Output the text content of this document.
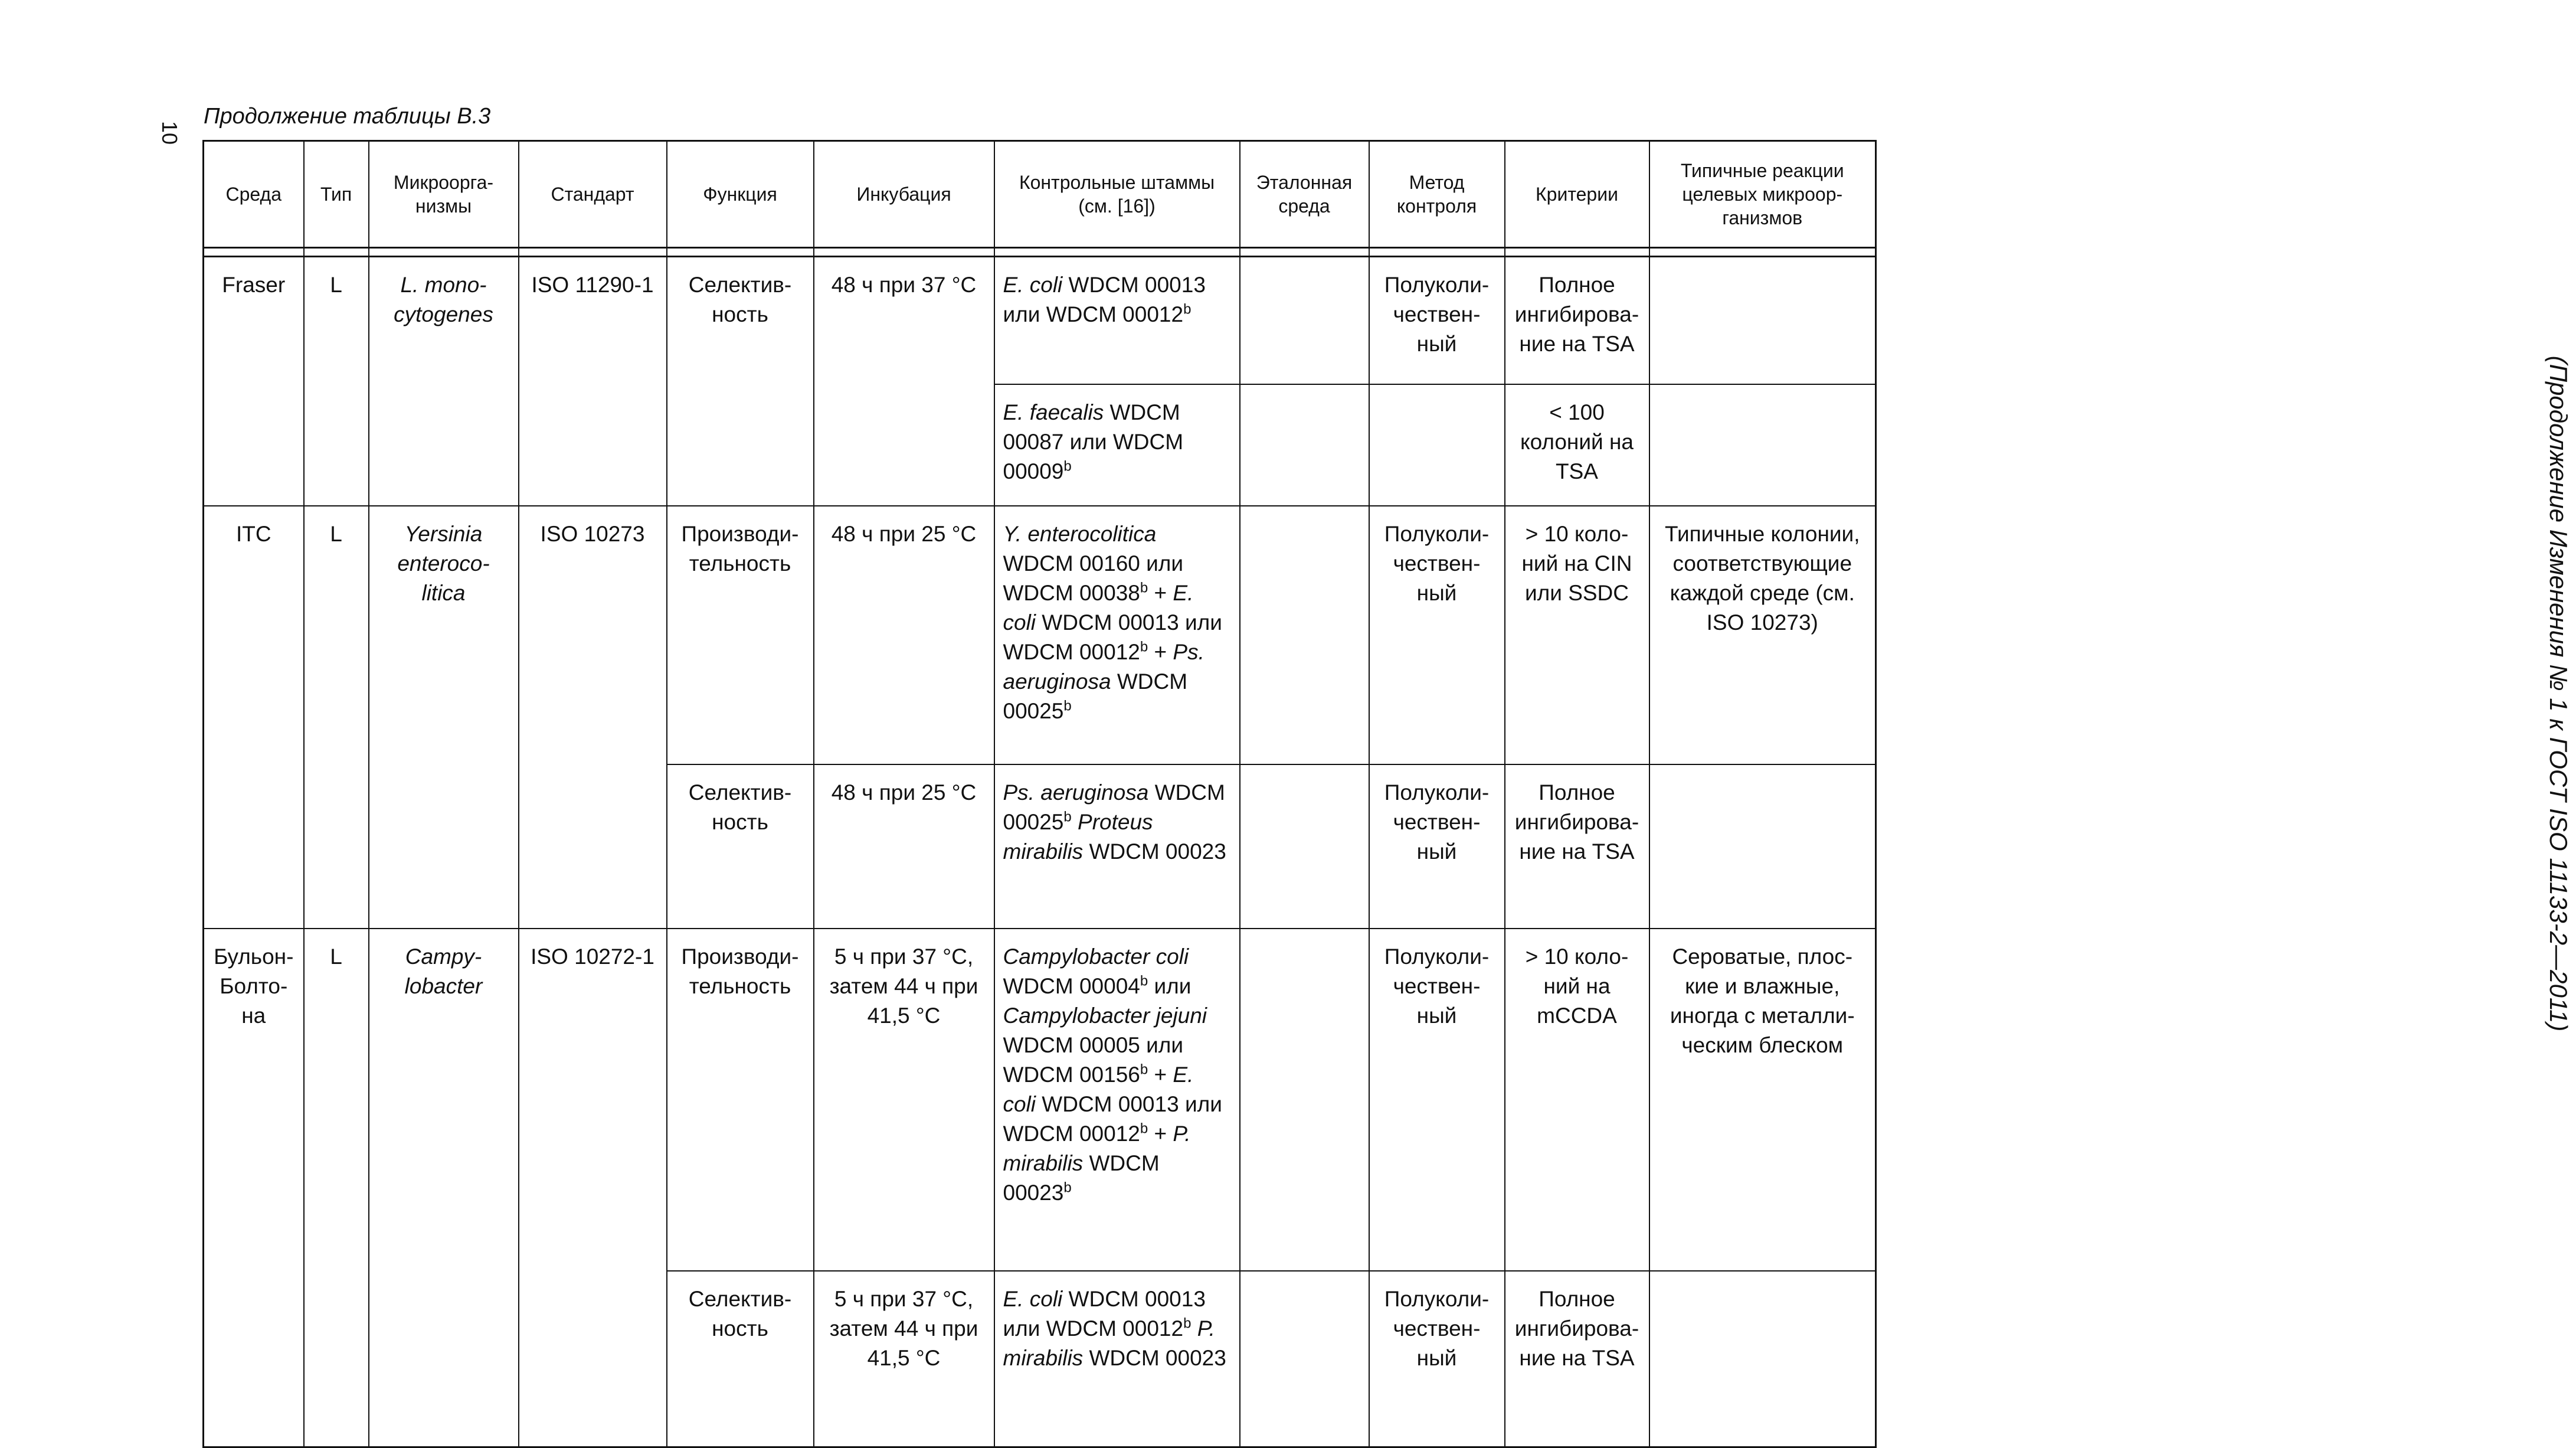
10
Продолжение таблицы В.3
(Продолжение Изменения № 1 к ГОСТ ISO 11133-2—2011)
Среда	Тип	Микроорга-низмы	Стандарт	Функция	Инкубация	Контрольные штаммы (см. [16])	Эталонная среда	Метод контроля	Критерии	Типичные реакции целевых микроор-ганизмов

Fraser	L	L. mono-cytogenes	ISO 11290-1	Селектив-ность	48 ч при 37 °С	E. coli WDCM 00013 или WDCM 00012$^b$		Полуколи-чествен-ный	Полное ингибирова-ние на TSA	
						E. faecalis WDCM 00087 или WDCM 00009$^b$			< 100 колоний на TSA	
ITC	L	Yersinia enteroco-litica	ISO 10273	Производи-тельность	48 ч при 25 °С	Y. enterocolitica WDCM 00160 или WDCM $00038^b + E$. coli WDCM 00013 или WDCM $00012^b + Ps$. aeruginosa WDCM 00025$^b$		Полуколи-чествен-ный	> 10 коло-ний на CIN или SSDC	Типичные колонии, соответствующие каждой среде (см. ISO 10273)
				Селектив-ность	48 ч при 25 °С	Ps. aeruginosa WDCM 00025$^b$ Proteus mirabilis WDCM 00023		Полуколи-чествен-ный	Полное ингибирова-ние на TSA	
Бульон-Болто-на	L	Campy-lobacter	ISO 10272-1	Производи-тельность	5 ч при 37 °С, затем 44 ч при 41,5 °С	Campylobacter coli WDCM 00004$^b$ или Campylobacter jejuni WDCM 00005 или WDCM $00156^b + E$. coli WDCM 00013 или WDCM $00012^b + P$. mirabilis WDCM 00023$^b$		Полуколи-чествен-ный	> 10 коло-ний на mCCDA	Сероватые, плос-кие и влажные, иногда с металли-ческим блеском
				Селектив-ность	5 ч при 37 °С, затем 44 ч при 41,5 °С	E. coli WDCM 00013 или WDCM 00012$^b$ P. mirabilis WDCM 00023		Полуколи-чествен-ный	Полное ингибирова-ние на TSA	
